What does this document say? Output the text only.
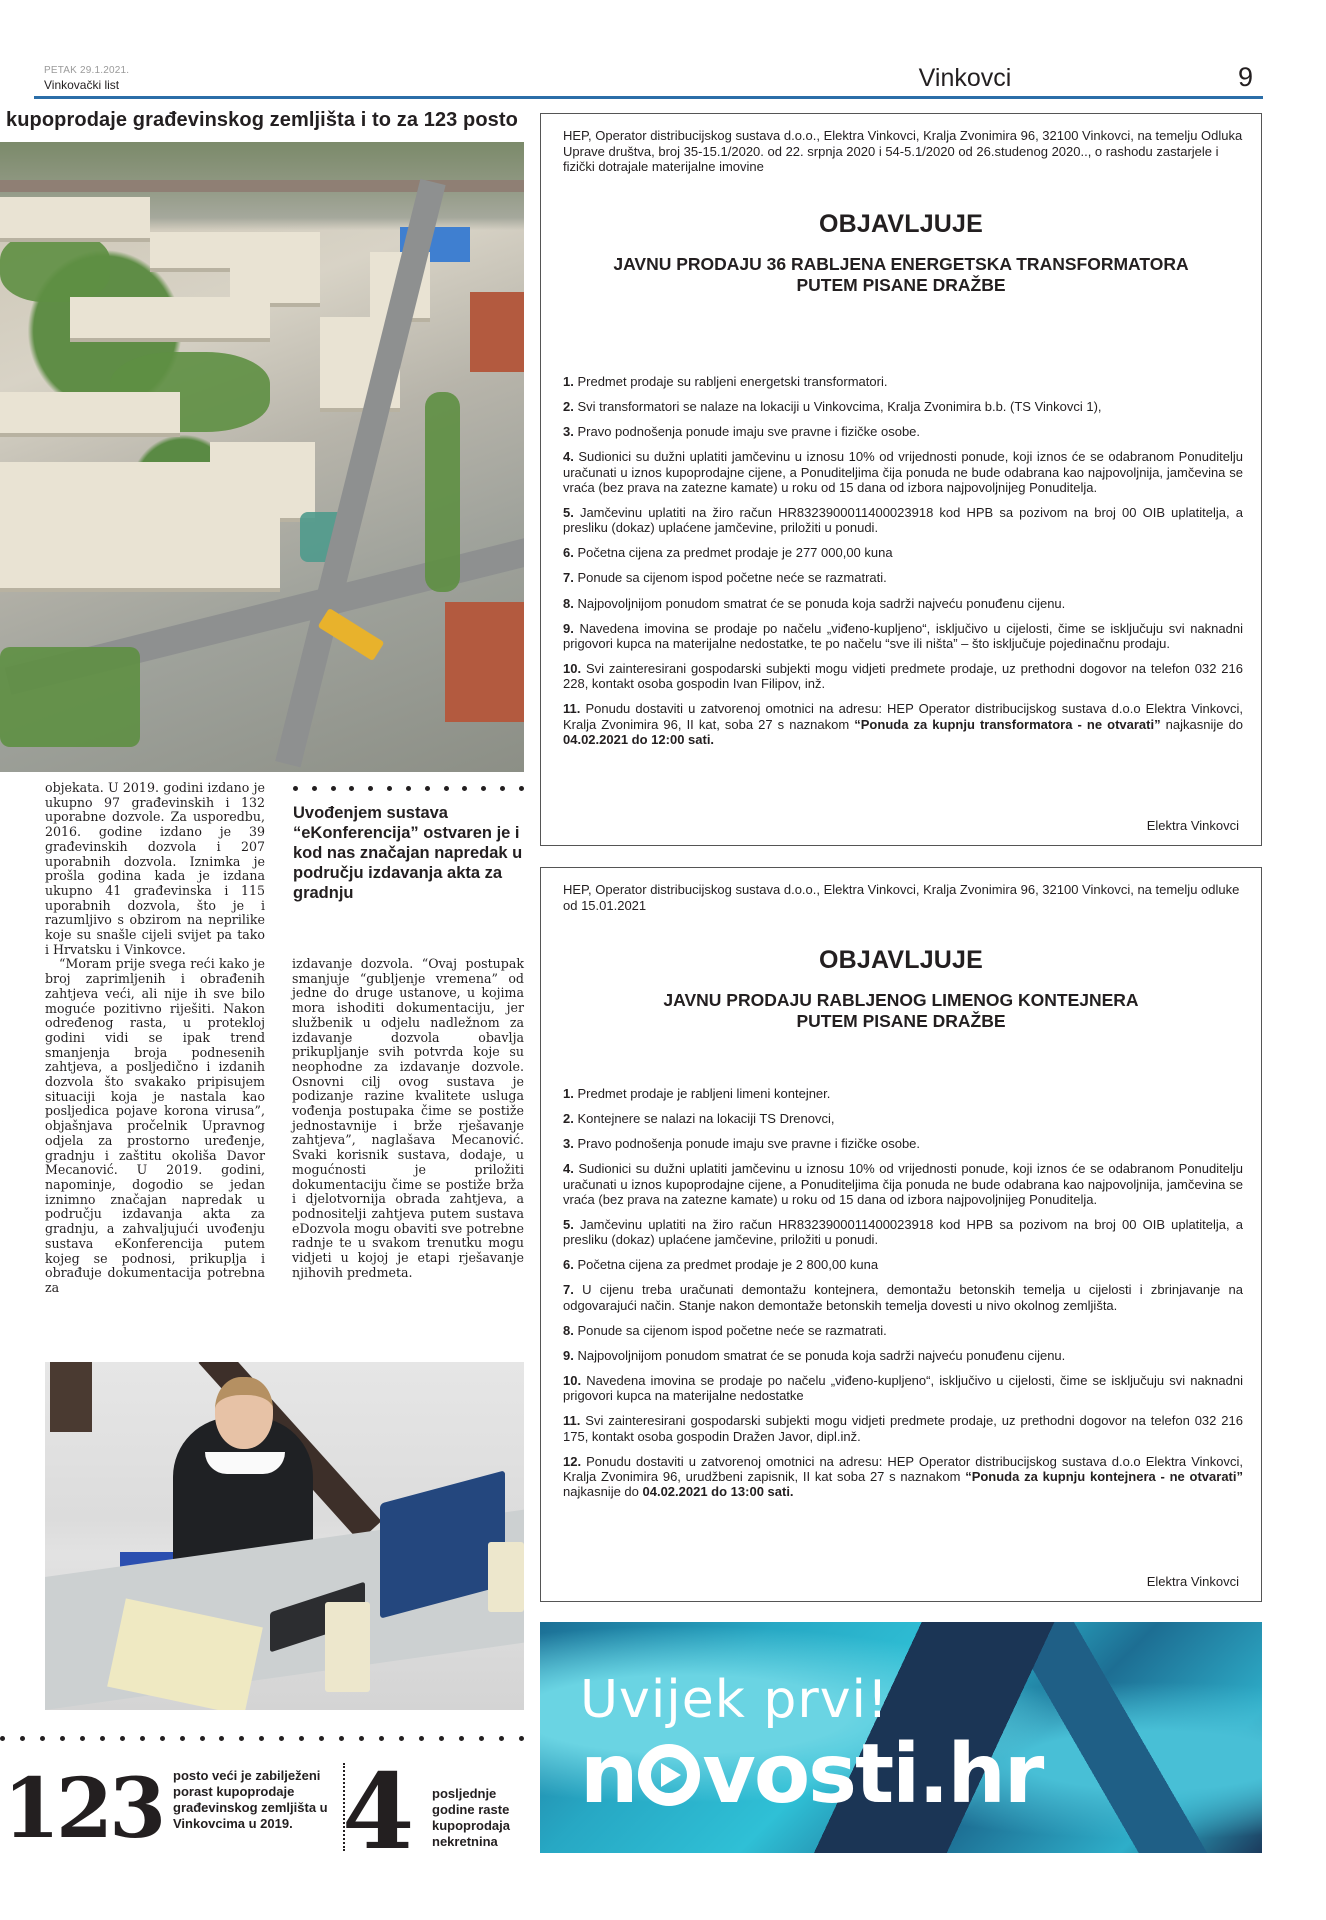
PETAK 29.1.2021.
Vinkovački list	Vinkovci	9
kupoprodaje građevinskog zemljišta i to za 123 posto

objekata. U 2019. godini izdano je ukupno 97 građevinskih i 132 uporabne dozvole. Za usporedbu, 2016. godine izdano je 39 građevinskih dozvola i 207 uporabnih dozvola. Iznimka je prošla godina kada je izdana ukupno 41 građevinska i 115 uporabnih dozvola, što je i razumljivo s obzirom na neprilike koje su snašle cijeli svijet pa tako i Hrvatsku i Vinkovce.

“Moram prije svega reći kako je broj zaprimljenih i obrađenih zahtjeva veći, ali nije ih sve bilo moguće pozitivno riješiti. Nakon određenog rasta, u protekloj godini vidi se ipak trend smanjenja broja podnesenih zahtjeva, a posljedično i izdanih dozvola što svakako pripisujem situaciji koja je nastala kao posljedica pojave korona virusa”, objašnjava pročelnik Upravnog odjela za prostorno uređenje, gradnju i zaštitu okoliša Davor Mecanović. U 2019. godini, napominje, dogodio se jedan iznimno značajan napredak u području izdavanja akta za gradnju, a zahvaljujući uvođenju sustava eKonferencija putem kojeg se podnosi, prikuplja i obrađuje dokumentacija potrebna za

Uvođenjem sustava “eKonferencija” ostvaren je i kod nas značajan napredak u području izdavanja akta za gradnju

izdavanje dozvola. “Ovaj postupak smanjuje “gubljenje vremena” od jedne do druge ustanove, u kojima mora ishoditi dokumentaciju, jer službenik u odjelu nadležnom za izdavanje dozvola obavlja prikupljanje svih potvrda koje su neophodne za izdavanje dozvole. Osnovni cilj ovog sustava je podizanje razine kvalitete usluga vođenja postupaka čime se postiže jednostavnije i brže rješavanje zahtjeva”, naglašava Mecanović. Svaki korisnik sustava, dodaje, u mogućnosti je priložiti dokumentaciju čime se postiže brža i djelotvornija obrada zahtjeva, a podnositelji zahtjeva putem sustava eDozvola mogu obaviti sve potrebne radnje te u svakom trenutku mogu vidjeti u kojoj je etapi rješavanje njihovih predmeta.

123 posto veći je zabilježeni porast kupoprodaje građevinskog zemljišta u Vinkovcima u 2019. 4 posljednje godine raste kupoprodaja nekretnina
HEP, Operator distribucijskog sustava d.o.o., Elektra Vinkovci, Kralja Zvonimira 96, 32100 Vinkovci, na temelju Odluka Uprave društva, broj 35-15.1/2020. od 22. srpnja 2020 i 54-5.1/2020 od 26.studenog 2020.., o rashodu zastarjele i fizički dotrajale materijalne imovine
OBJAVLJUJE
JAVNU PRODAJU 36 RABLJENA ENERGETSKA TRANSFORMATORA
PUTEM PISANE DRAŽBE
1. Predmet prodaje su rabljeni energetski transformatori.
2. Svi transformatori se nalaze na lokaciji u Vinkovcima, Kralja Zvonimira b.b. (TS Vinkovci 1),
3. Pravo podnošenja ponude imaju sve pravne i fizičke osobe.
4. Sudionici su dužni uplatiti jamčevinu u iznosu 10% od vrijednosti ponude, koji iznos će se odabranom Ponuditelju uračunati u iznos kupoprodajne cijene, a Ponuditeljima čija ponuda ne bude odabrana kao najpovoljnija, jamčevina se vraća (bez prava na zatezne kamate) u roku od 15 dana od izbora najpovoljnijeg Ponuditelja.
5. Jamčevinu uplatiti na žiro račun HR8323900011400023918 kod HPB sa pozivom na broj 00 OIB uplatitelja, a presliku (dokaz) uplaćene jamčevine, priložiti u ponudi.
6. Početna cijena za predmet prodaje je 277 000,00 kuna
7. Ponude sa cijenom ispod početne neće se razmatrati.
8. Najpovoljnijom ponudom smatrat će se ponuda koja sadrži najveću ponuđenu cijenu.
9. Navedena imovina se prodaje po načelu „viđeno-kupljeno“, isključivo u cijelosti, čime se isključuju svi naknadni prigovori kupca na materijalne nedostatke, te po načelu “sve ili ništa” – što isključuje pojedinačnu prodaju.
10. Svi zainteresirani gospodarski subjekti mogu vidjeti predmete prodaje, uz prethodni dogovor na telefon 032 216 228, kontakt osoba gospodin Ivan Filipov, inž.
11. Ponudu dostaviti u zatvorenoj omotnici na adresu: HEP Operator distribucijskog sustava d.o.o Elektra Vinkovci, Kralja Zvonimira 96, II kat, soba 27 s naznakom “Ponuda za kupnju transformatora - ne otvarati” najkasnije do 04.02.2021 do 12:00 sati.
Elektra Vinkovci
HEP, Operator distribucijskog sustava d.o.o., Elektra Vinkovci, Kralja Zvonimira 96, 32100 Vinkovci, na temelju odluke od 15.01.2021
OBJAVLJUJE
JAVNU PRODAJU RABLJENOG LIMENOG KONTEJNERA
PUTEM PISANE DRAŽBE
1. Predmet prodaje je rabljeni limeni kontejner.
2. Kontejnere se nalazi na lokaciji TS Drenovci,
3. Pravo podnošenja ponude imaju sve pravne i fizičke osobe.
4. Sudionici su dužni uplatiti jamčevinu u iznosu 10% od vrijednosti ponude, koji iznos će se odabranom Ponuditelju uračunati u iznos kupoprodajne cijene, a Ponuditeljima čija ponuda ne bude odabrana kao najpovoljnija, jamčevina se vraća (bez prava na zatezne kamate) u roku od 15 dana od izbora najpovoljnijeg Ponuditelja.
5. Jamčevinu uplatiti na žiro račun HR8323900011400023918 kod HPB sa pozivom na broj 00 OIB uplatitelja, a presliku (dokaz) uplaćene jamčevine, priložiti u ponudi.
6. Početna cijena za predmet prodaje je 2 800,00 kuna
7. U cijenu treba uračunati demontažu kontejnera, demontažu betonskih temelja u cijelosti i zbrinjavanje na odgovarajući način. Stanje nakon demontaže betonskih temelja dovesti u nivo okolnog zemljišta.
8. Ponude sa cijenom ispod početne neće se razmatrati.
9. Najpovoljnijom ponudom smatrat će se ponuda koja sadrži najveću ponuđenu cijenu.
10. Navedena imovina se prodaje po načelu „viđeno-kupljeno“, isključivo u cijelosti, čime se isključuju svi naknadni prigovori kupca na materijalne nedostatke
11. Svi zainteresirani gospodarski subjekti mogu vidjeti predmete prodaje, uz prethodni dogovor na telefon 032 216 175, kontakt osoba gospodin Dražen Javor, dipl.inž.
12. Ponudu dostaviti u zatvorenoj omotnici na adresu: HEP Operator distribucijskog sustava d.o.o Elektra Vinkovci, Kralja Zvonimira 96, urudžbeni zapisnik, II kat soba 27 s naznakom “Ponuda za kupnju kontejnera - ne otvarati” najkasnije do 04.02.2021 do 13:00 sati.
Elektra Vinkovci
Uvijek prvi!
n vosti.hr
